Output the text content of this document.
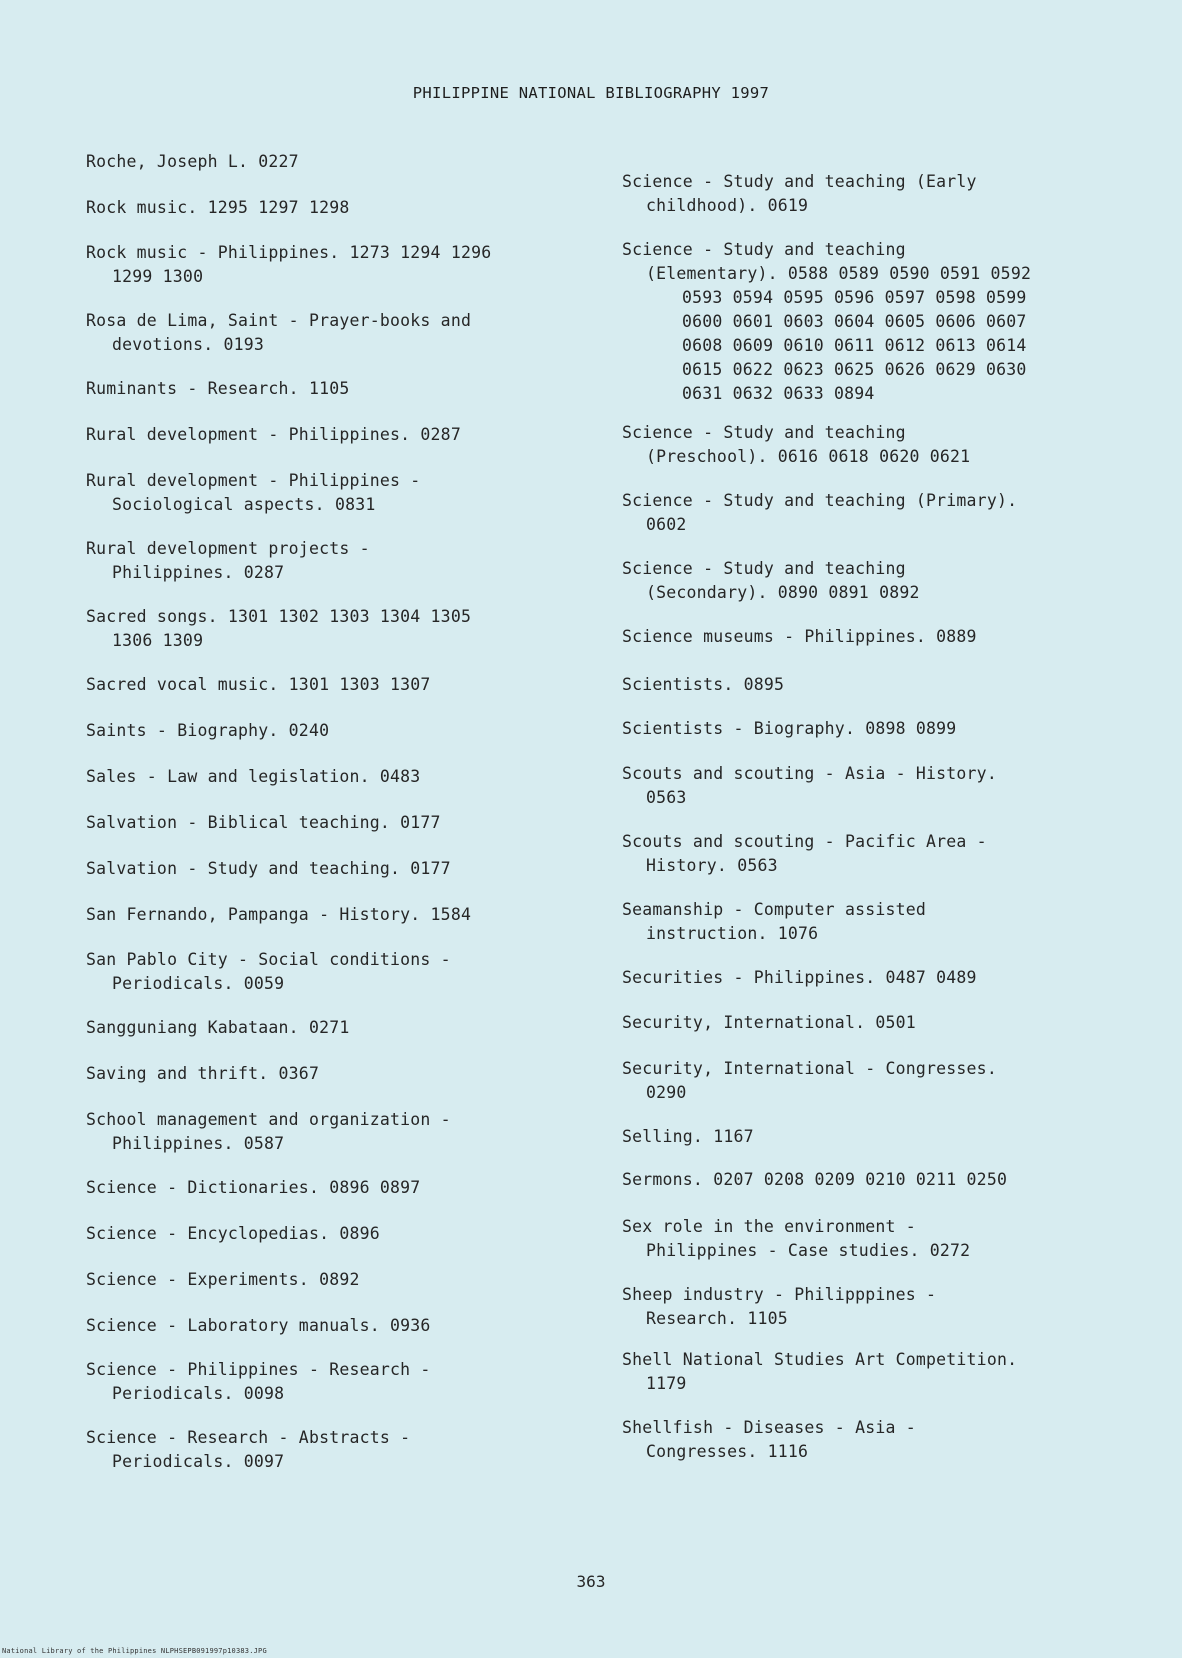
PHILIPPINE NATIONAL BIBLIOGRAPHY 1997
Roche, Joseph L. 0227
Rock music. 1295 1297 1298
Rock music - Philippines. 1273 1294 1296
1299 1300
Rosa de Lima, Saint - Prayer-books and
devotions. 0193
Ruminants - Research. 1105
Rural development - Philippines. 0287
Rural development - Philippines -
Sociological aspects. 0831
Rural development projects -
Philippines. 0287
Sacred songs. 1301 1302 1303 1304 1305
1306 1309
Sacred vocal music. 1301 1303 1307
Saints - Biography. 0240
Sales - Law and legislation. 0483
Salvation - Biblical teaching. 0177
Salvation - Study and teaching. 0177
San Fernando, Pampanga - History. 1584
San Pablo City - Social conditions -
Periodicals. 0059
Sangguniang Kabataan. 0271
Saving and thrift. 0367
School management and organization -
Philippines. 0587
Science - Dictionaries. 0896 0897
Science - Encyclopedias. 0896
Science - Experiments. 0892
Science - Laboratory manuals. 0936
Science - Philippines - Research -
Periodicals. 0098
Science - Research - Abstracts -
Periodicals. 0097
Science - Study and teaching (Early
childhood). 0619
Science - Study and teaching
(Elementary). 0588 0589 0590 0591 0592
0593 0594 0595 0596 0597 0598 0599
0600 0601 0603 0604 0605 0606 0607
0608 0609 0610 0611 0612 0613 0614
0615 0622 0623 0625 0626 0629 0630
0631 0632 0633 0894
Science - Study and teaching
(Preschool). 0616 0618 0620 0621
Science - Study and teaching (Primary).
0602
Science - Study and teaching
(Secondary). 0890 0891 0892
Science museums - Philippines. 0889
Scientists. 0895
Scientists - Biography. 0898 0899
Scouts and scouting - Asia - History.
0563
Scouts and scouting - Pacific Area -
History. 0563
Seamanship - Computer assisted
instruction. 1076
Securities - Philippines. 0487 0489
Security, International. 0501
Security, International - Congresses.
0290
Selling. 1167
Sermons. 0207 0208 0209 0210 0211 0250
Sex role in the environment -
Philippines - Case studies. 0272
Sheep industry - Philipppines -
Research. 1105
Shell National Studies Art Competition.
1179
Shellfish - Diseases - Asia -
Congresses. 1116
363
National Library of the Philippines NLPHSEPB091997p10383.JPG
